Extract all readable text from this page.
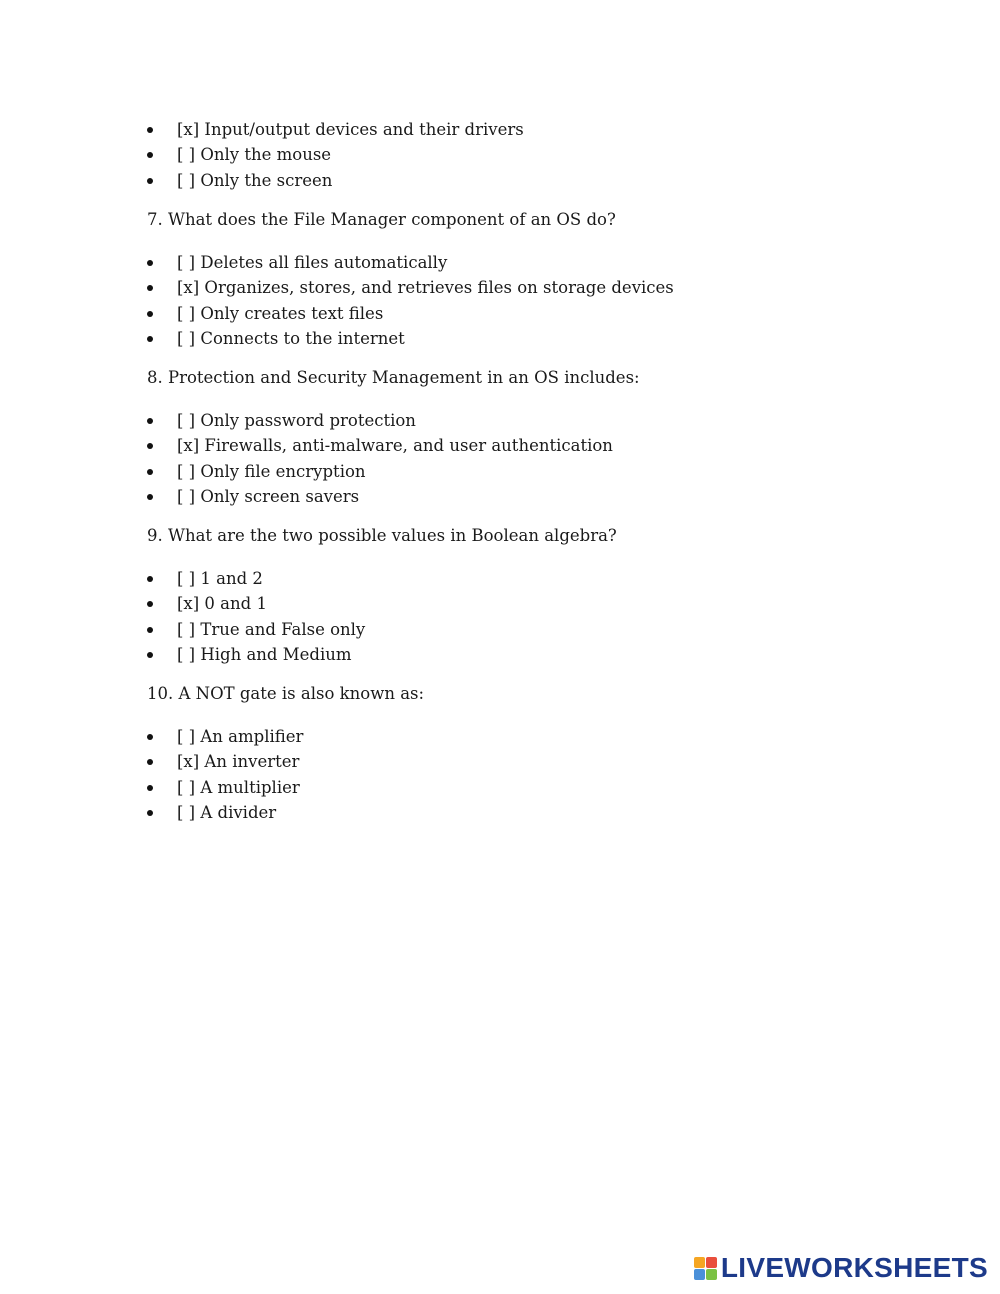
[x] Input/output devices and their drivers
[ ] Only the mouse
[ ] Only the screen
7. What does the File Manager component of an OS do?
[ ] Deletes all files automatically
[x] Organizes, stores, and retrieves files on storage devices
[ ] Only creates text files
[ ] Connects to the internet
8. Protection and Security Management in an OS includes:
[ ] Only password protection
[x] Firewalls, anti-malware, and user authentication
[ ] Only file encryption
[ ] Only screen savers
9. What are the two possible values in Boolean algebra?
[ ] 1 and 2
[x] 0 and 1
[ ] True and False only
[ ] High and Medium
10. A NOT gate is also known as:
[ ] An amplifier
[x] An inverter
[ ] A multiplier
[ ] A divider
LIVEWORKSHEETS
